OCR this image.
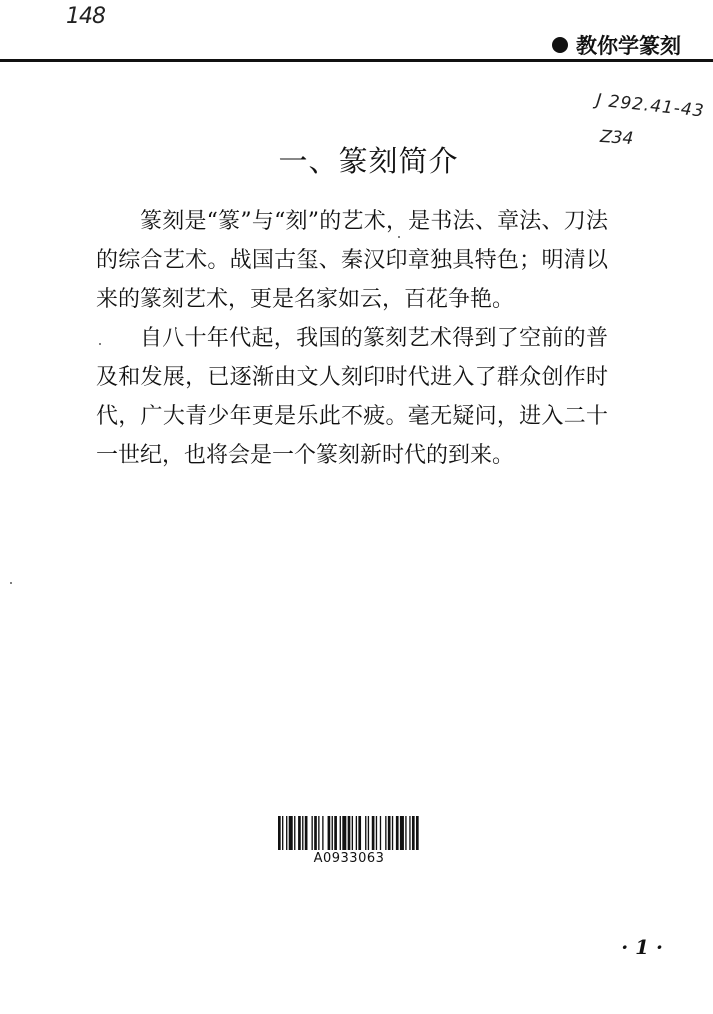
148
J 292.41-43
Z34
教你学篆刻
一、篆刻简介

篆刻是“篆”与“刻”的艺术，是书法、章法、刀法的综合艺术。战国古玺、秦汉印章独具特色；明清以来的篆刻艺术，更是名家如云，百花争艳。

自八十年代起，我国的篆刻艺术得到了空前的普及和发展，已逐渐由文人刻印时代进入了群众创作时代，广大青少年更是乐此不疲。毫无疑问，进入二十一世纪，也将会是一个篆刻新时代的到来。

A0933063
· 1 ·
